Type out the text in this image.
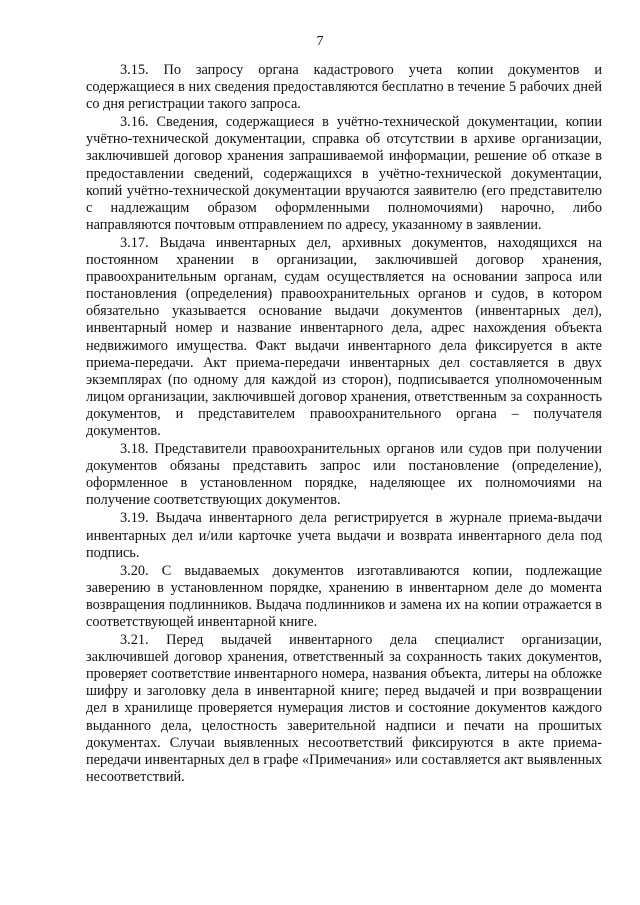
7

3.15. По запросу органа кадастрового учета копии документов и содержащиеся в них сведения предоставляются бесплатно в течение 5 рабочих дней со дня регистрации такого запроса.

3.16. Сведения, содержащиеся в учётно-технической документации, копии учётно-технической документации, справка об отсутствии в архиве организации, заключившей договор хранения запрашиваемой информации, решение об отказе в предоставлении сведений, содержащихся в учётно-технической документации, копий учётно-технической документации вручаются заявителю (его представителю с надлежащим образом оформленными полномочиями) нарочно, либо направляются почтовым отправлением по адресу, указанному в заявлении.

3.17. Выдача инвентарных дел, архивных документов, находящихся на постоянном хранении в организации, заключившей договор хранения, правоохранительным органам, судам осуществляется на основании запроса или постановления (определения) правоохранительных органов и судов, в котором обязательно указывается основание выдачи документов (инвентарных дел), инвентарный номер и название инвентарного дела, адрес нахождения объекта недвижимого имущества. Факт выдачи инвентарного дела фиксируется в акте приема-передачи. Акт приема-передачи инвентарных дел составляется в двух экземплярах (по одному для каждой из сторон), подписывается уполномоченным лицом организации, заключившей договор хранения, ответственным за сохранность документов, и представителем правоохранительного органа – получателя документов.

3.18. Представители правоохранительных органов или судов при получении документов обязаны представить запрос или постановление (определение), оформленное в установленном порядке, наделяющее их полномочиями на получение соответствующих документов.

3.19. Выдача инвентарного дела регистрируется в журнале приема-выдачи инвентарных дел и/или карточке учета выдачи и возврата инвентарного дела под подпись.

3.20. С выдаваемых документов изготавливаются копии, подлежащие заверению в установленном порядке, хранению в инвентарном деле до момента возвращения подлинников. Выдача подлинников и замена их на копии отражается в соответствующей инвентарной книге.

3.21. Перед выдачей инвентарного дела специалист организации, заключившей договор хранения, ответственный за сохранность таких документов, проверяет соответствие инвентарного номера, названия объекта, литеры на обложке шифру и заголовку дела в инвентарной книге; перед выдачей и при возвращении дел в хранилище проверяется нумерация листов и состояние документов каждого выданного дела, целостность заверительной надписи и печати на прошитых документах. Случаи выявленных несоответствий фиксируются в акте приема-передачи инвентарных дел в графе «Примечания» или составляется акт выявленных несоответствий.
